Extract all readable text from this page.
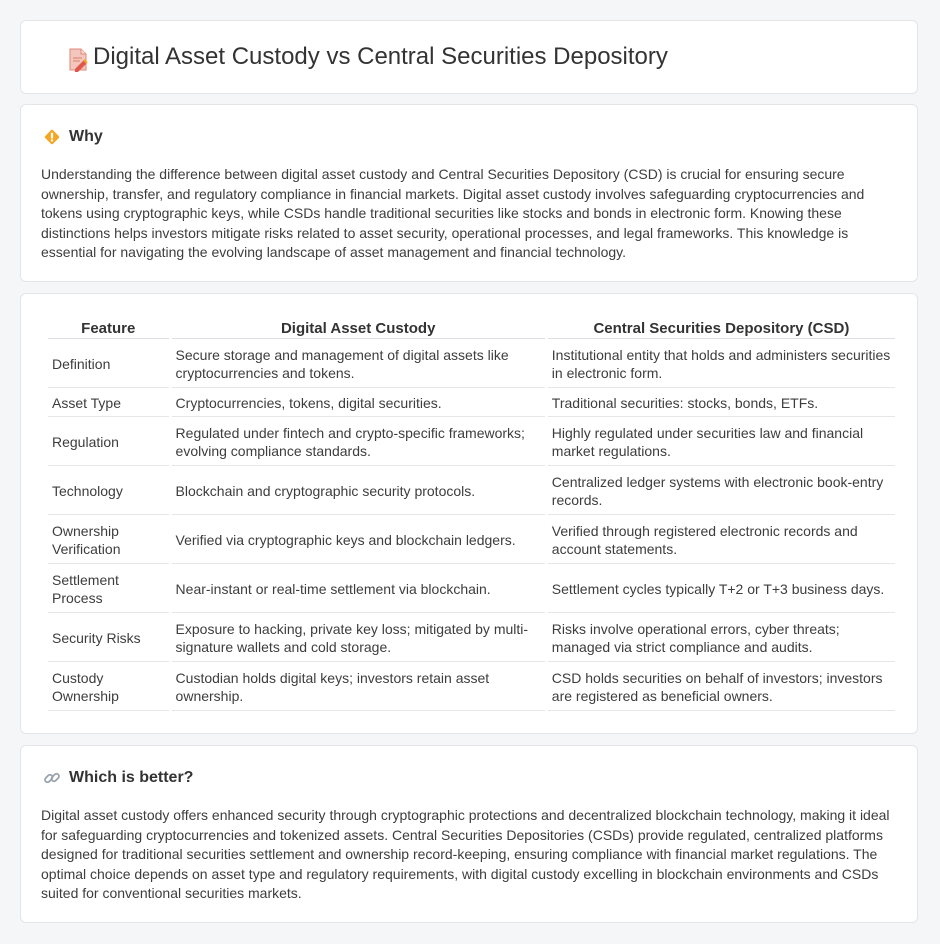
Digital Asset Custody vs Central Securities Depository
Why

Understanding the difference between digital asset custody and Central Securities Depository (CSD) is crucial for ensuring secure ownership, transfer, and regulatory compliance in financial markets. Digital asset custody involves safeguarding cryptocurrencies and tokens using cryptographic keys, while CSDs handle traditional securities like stocks and bonds in electronic form. Knowing these distinctions helps investors mitigate risks related to asset security, operational processes, and legal frameworks. This knowledge is essential for navigating the evolving landscape of asset management and financial technology.

Feature	Digital Asset Custody	Central Securities Depository (CSD)
Definition	Secure storage and management of digital assets like cryptocurrencies and tokens.	Institutional entity that holds and administers securities in electronic form.
Asset Type	Cryptocurrencies, tokens, digital securities.	Traditional securities: stocks, bonds, ETFs.
Regulation	Regulated under fintech and crypto-specific frameworks; evolving compliance standards.	Highly regulated under securities law and financial market regulations.
Technology	Blockchain and cryptographic security protocols.	Centralized ledger systems with electronic book-entry records.
Ownership Verification	Verified via cryptographic keys and blockchain ledgers.	Verified through registered electronic records and account statements.
Settlement Process	Near-instant or real-time settlement via blockchain.	Settlement cycles typically T+2 or T+3 business days.
Security Risks	Exposure to hacking, private key loss; mitigated by multi-signature wallets and cold storage.	Risks involve operational errors, cyber threats; managed via strict compliance and audits.
Custody Ownership	Custodian holds digital keys; investors retain asset ownership.	CSD holds securities on behalf of investors; investors are registered as beneficial owners.
Which is better?

Digital asset custody offers enhanced security through cryptographic protections and decentralized blockchain technology, making it ideal for safeguarding cryptocurrencies and tokenized assets. Central Securities Depositories (CSDs) provide regulated, centralized platforms designed for traditional securities settlement and ownership record-keeping, ensuring compliance with financial market regulations. The optimal choice depends on asset type and regulatory requirements, with digital custody excelling in blockchain environments and CSDs suited for conventional securities markets.
